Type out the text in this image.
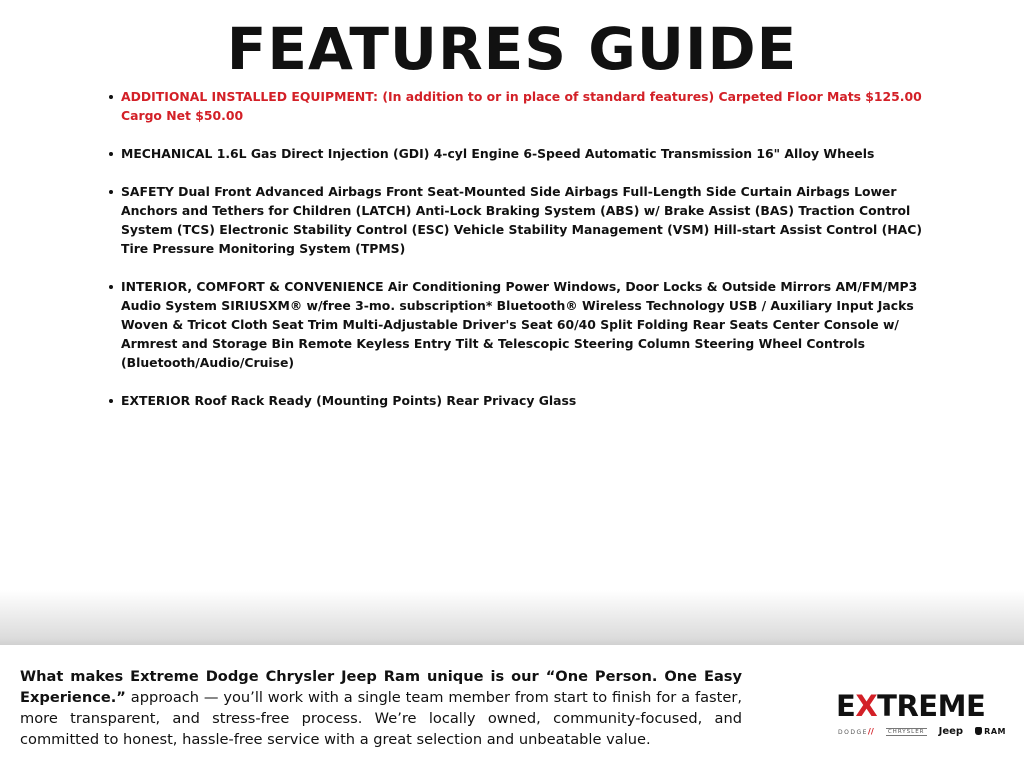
FEATURES GUIDE
ADDITIONAL INSTALLED EQUIPMENT: (In addition to or in place of standard features) Carpeted Floor Mats $125.00 Cargo Net $50.00
MECHANICAL 1.6L Gas Direct Injection (GDI) 4-cyl Engine 6-Speed Automatic Transmission 16" Alloy Wheels
SAFETY Dual Front Advanced Airbags Front Seat-Mounted Side Airbags Full-Length Side Curtain Airbags Lower Anchors and Tethers for Children (LATCH) Anti-Lock Braking System (ABS) w/ Brake Assist (BAS) Traction Control System (TCS) Electronic Stability Control (ESC) Vehicle Stability Management (VSM) Hill-start Assist Control (HAC) Tire Pressure Monitoring System (TPMS)
INTERIOR, COMFORT & CONVENIENCE Air Conditioning Power Windows, Door Locks & Outside Mirrors AM/FM/MP3 Audio System SIRIUSXM® w/free 3-mo. subscription* Bluetooth® Wireless Technology USB / Auxiliary Input Jacks Woven & Tricot Cloth Seat Trim Multi-Adjustable Driver's Seat 60/40 Split Folding Rear Seats Center Console w/ Armrest and Storage Bin Remote Keyless Entry Tilt & Telescopic Steering Column Steering Wheel Controls (Bluetooth/Audio/Cruise)
EXTERIOR Roof Rack Ready (Mounting Points) Rear Privacy Glass

What makes Extreme Dodge Chrysler Jeep Ram unique is our “One Person. One Easy Experience.” approach — you’ll work with a single team member from start to finish for a faster, more transparent, and stress-free process. We’re locally owned, community-focused, and committed to honest, hassle-free service with a great selection and unbeatable value.

EXTREME
DODGE//	CHRYSLER Jeep	RAM
